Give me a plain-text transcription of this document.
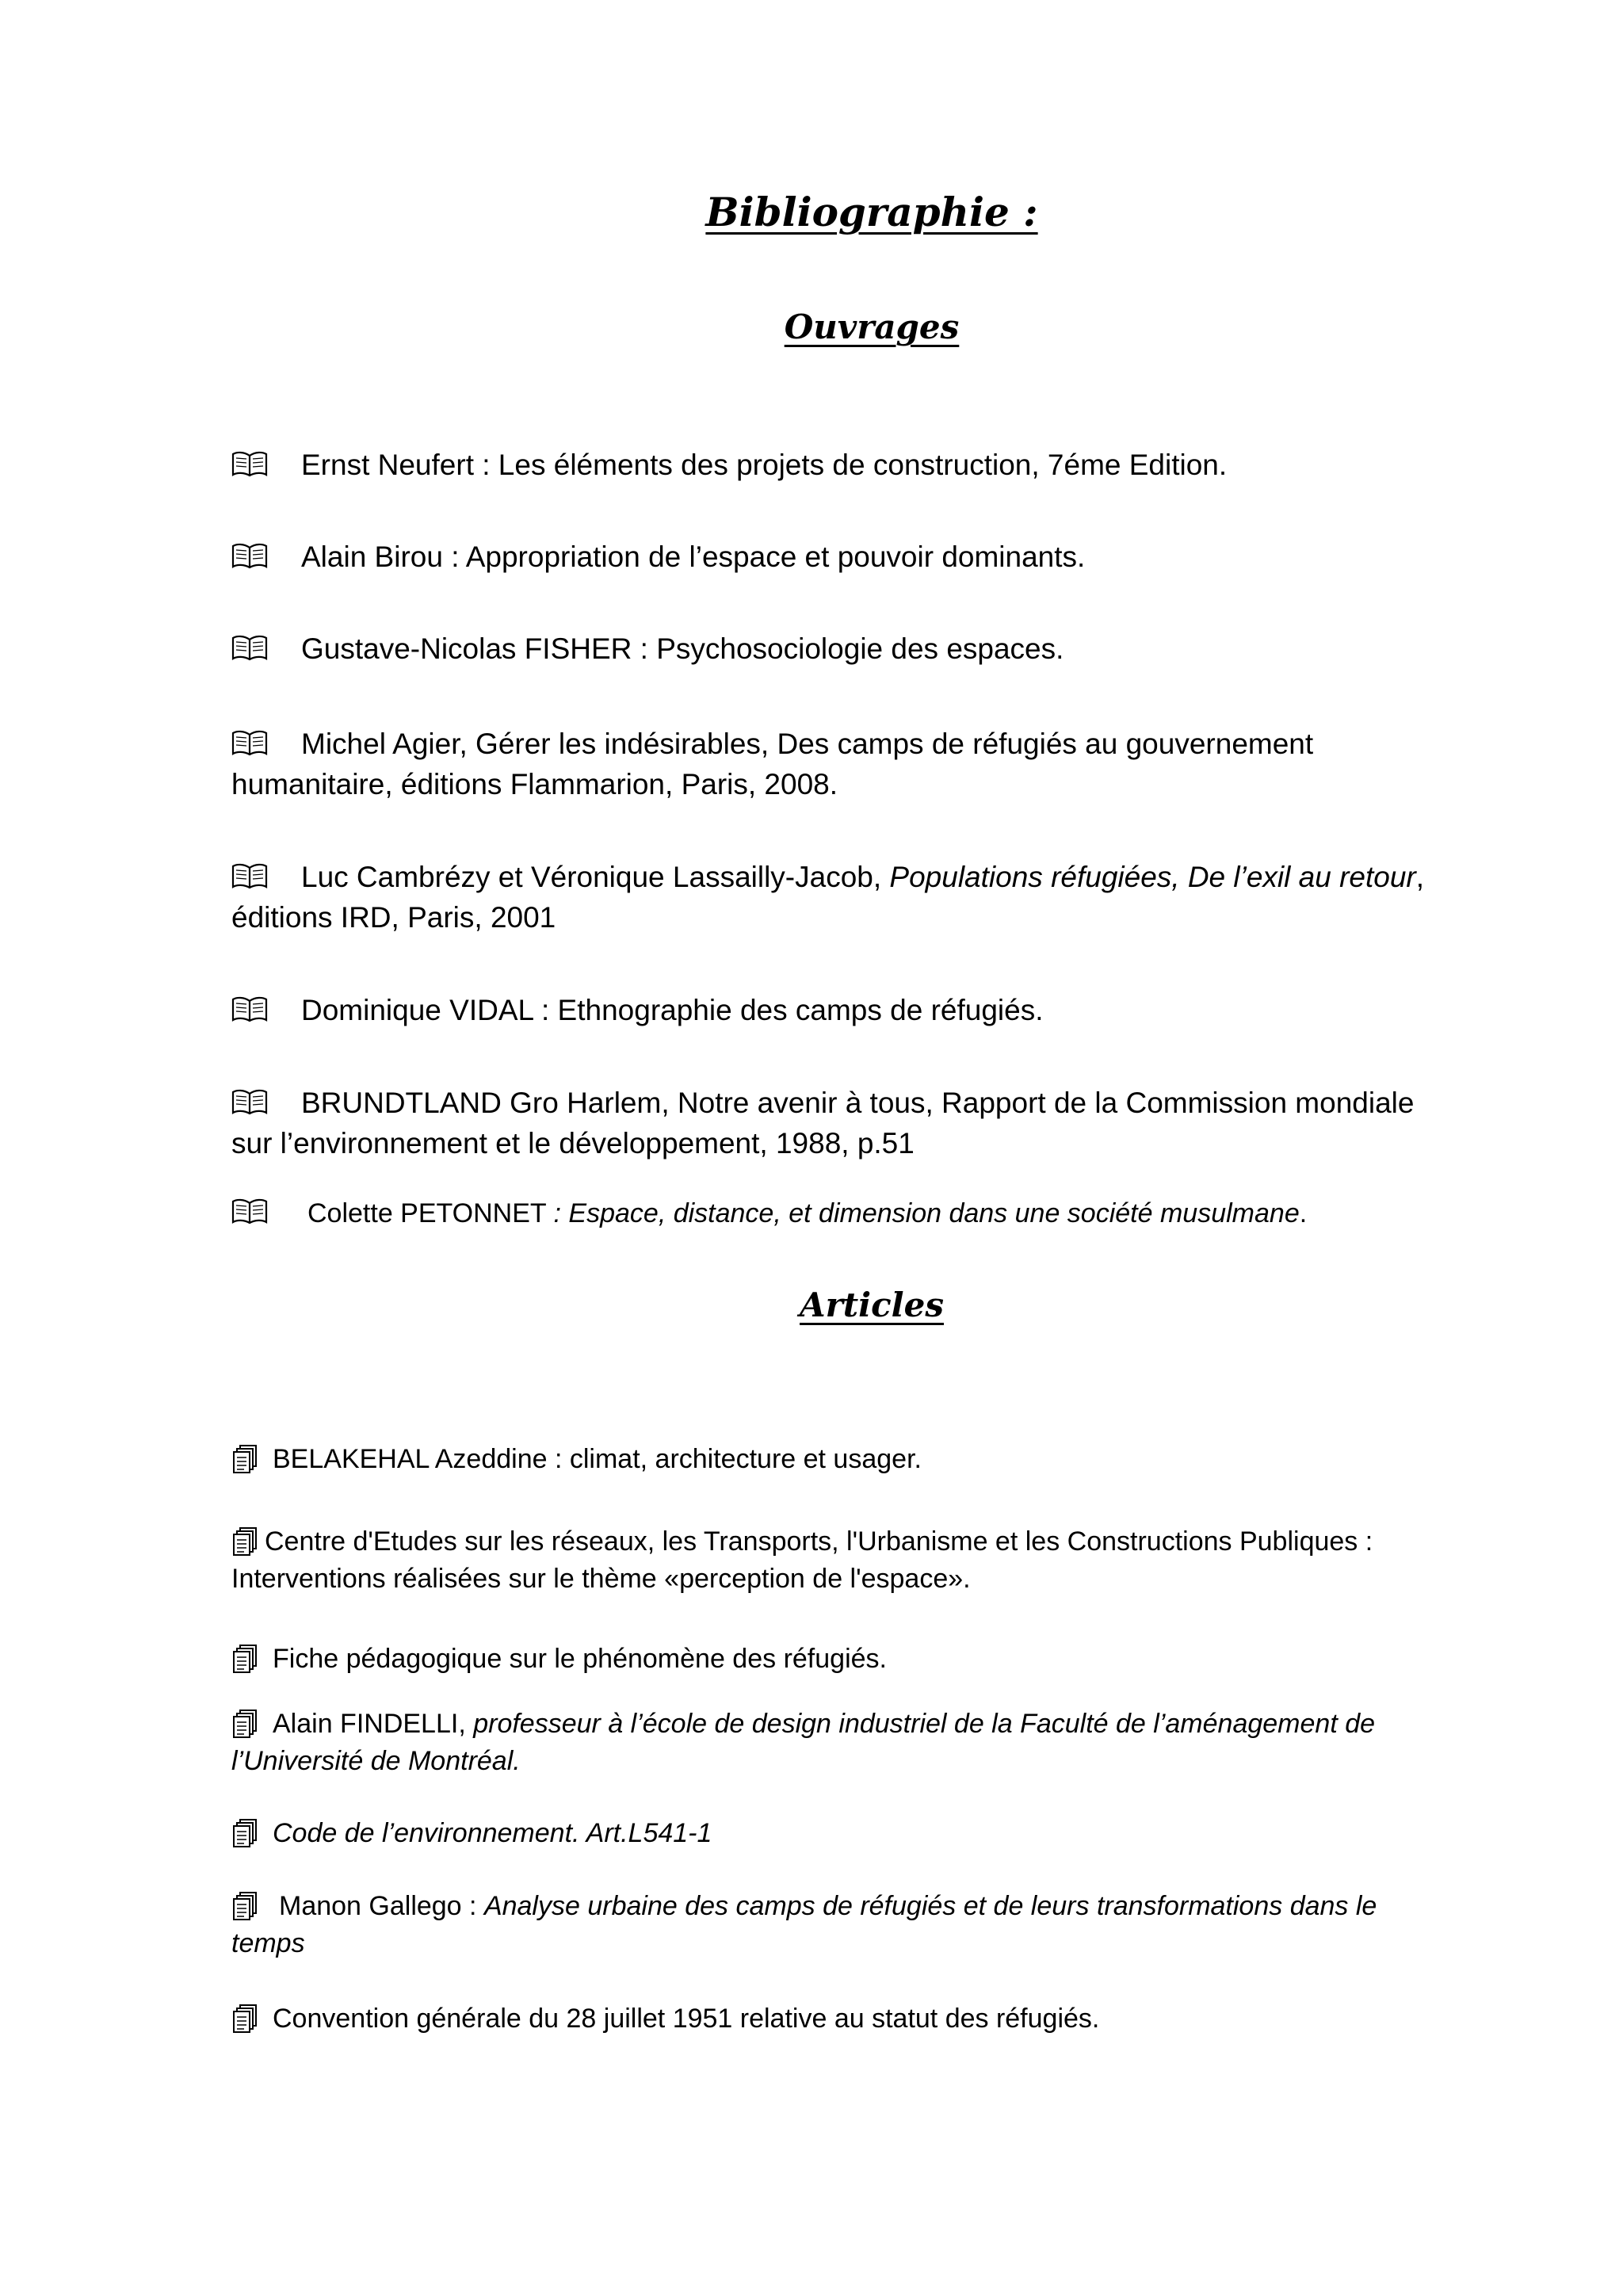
Bibliographie :
Ouvrages

Ernst Neufert : Les éléments des projets de construction, 7éme Edition.

Alain Birou : Appropriation de l’espace et pouvoir dominants.

Gustave-Nicolas FISHER : Psychosociologie des espaces.

Michel Agier, Gérer les indésirables, Des camps de réfugiés au gouvernement humanitaire, éditions Flammarion, Paris, 2008.

Luc Cambrézy et Véronique Lassailly-Jacob, Populations réfugiées, De l’exil au retour, éditions IRD, Paris, 2001

Dominique VIDAL : Ethnographie des camps de réfugiés.

BRUNDTLAND Gro Harlem, Notre avenir à tous, Rapport de la Commission mondiale sur l’environnement et le développement, 1988, p.51

Colette PETONNET : Espace, distance, et dimension dans une société musulmane.

Articles

BELAKEHAL Azeddine : climat, architecture et usager.

Centre d'Etudes sur les réseaux, les Transports, l'Urbanisme et les Constructions Publiques : Interventions réalisées sur le thème «perception de l'espace».

Fiche pédagogique sur le phénomène des réfugiés.

Alain FINDELLI, professeur à l’école de design industriel de la Faculté de l’aménagement de l’Université de Montréal.

Code de l’environnement. Art.L541-1

Manon Gallego : Analyse urbaine des camps de réfugiés et de leurs transformations dans le temps

Convention générale du 28 juillet 1951 relative au statut des réfugiés.
